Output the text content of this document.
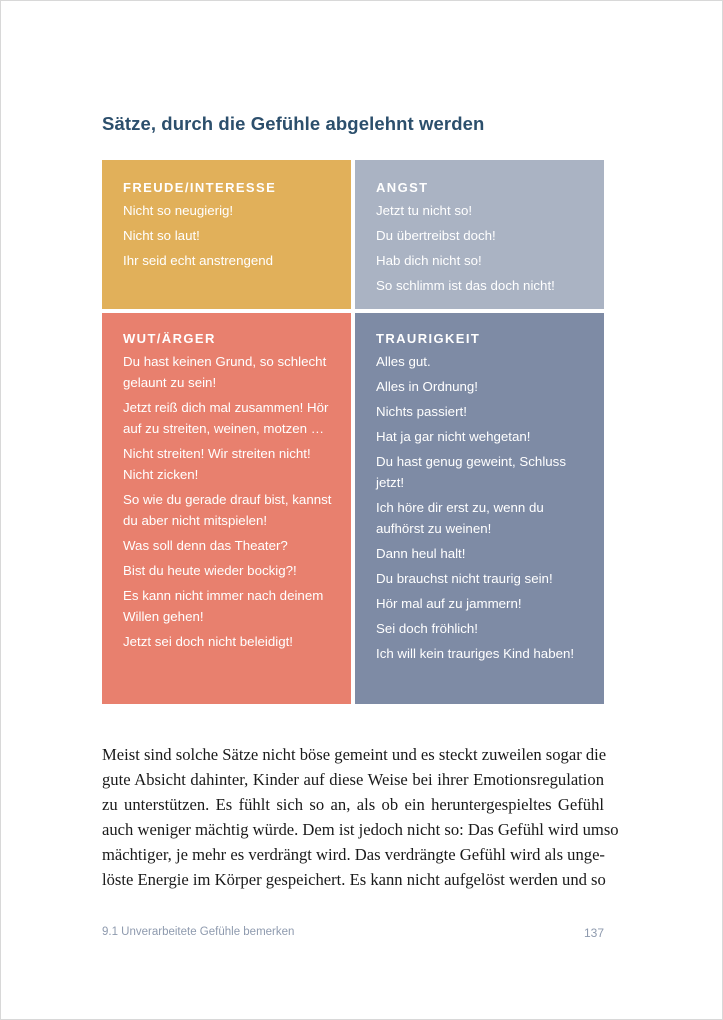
Sätze, durch die Gefühle abgelehnt werden
FREUDE/INTERESSE
Nicht so neugierig!
Nicht so laut!
Ihr seid echt anstrengend
ANGST
Jetzt tu nicht so!
Du übertreibst doch!
Hab dich nicht so!
So schlimm ist das doch nicht!
WUT/ÄRGER
Du hast keinen Grund, so schlecht gelaunt zu sein!
Jetzt reiß dich mal zusammen! Hör auf zu streiten, weinen, motzen …
Nicht streiten! Wir streiten nicht! Nicht zicken!
So wie du gerade drauf bist, kannst du aber nicht mitspielen!
Was soll denn das Theater?
Bist du heute wieder bockig?!
Es kann nicht immer nach deinem Willen gehen!
Jetzt sei doch nicht beleidigt!
TRAURIGKEIT
Alles gut.
Alles in Ordnung!
Nichts passiert!
Hat ja gar nicht wehgetan!
Du hast genug geweint, Schluss jetzt!
Ich höre dir erst zu, wenn du aufhörst zu weinen!
Dann heul halt!
Du brauchst nicht traurig sein!
Hör mal auf zu jammern!
Sei doch fröhlich!
Ich will kein trauriges Kind haben!
Meist sind solche Sätze nicht böse gemeint und es steckt zuweilen sogar die
gute Absicht dahinter, Kinder auf diese Weise bei ihrer Emotionsregulation
zu unterstützen. Es fühlt sich so an, als ob ein heruntergespieltes Gefühl
auch weniger mächtig würde. Dem ist jedoch nicht so: Das Gefühl wird umso
mächtiger, je mehr es verdrängt wird. Das verdrängte Gefühl wird als unge-
löste Energie im Körper gespeichert. Es kann nicht aufgelöst werden und so
9.1 Unverarbeitete Gefühle bemerken	137
